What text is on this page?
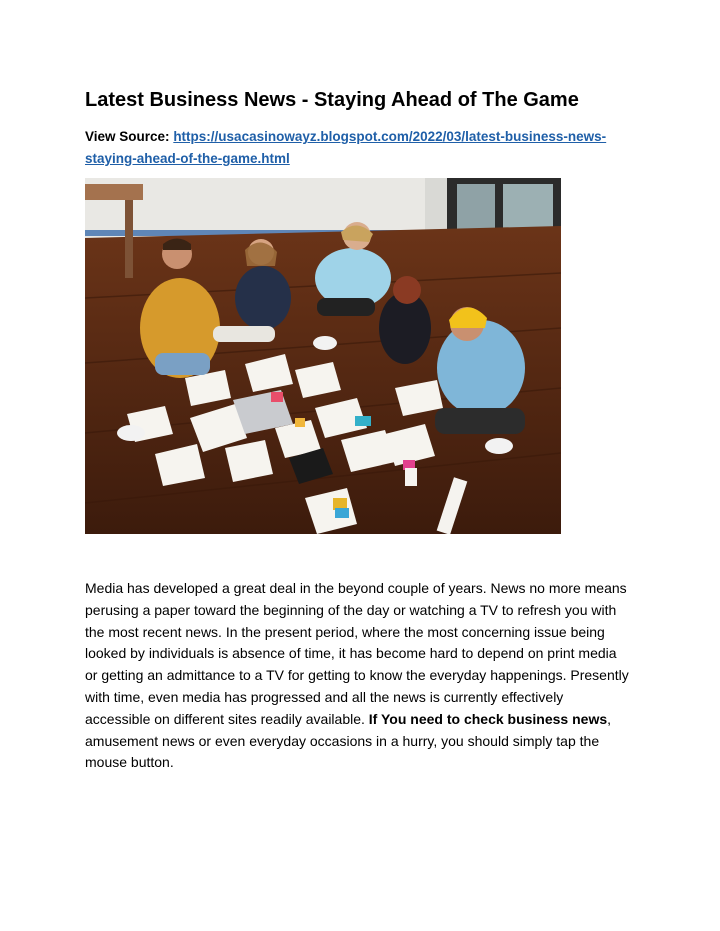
Latest Business News - Staying Ahead of The Game
View Source: https://usacasinowayz.blogspot.com/2022/03/latest-business-news-staying-ahead-of-the-game.html

Media has developed a great deal in the beyond couple of years. News no more means perusing a paper toward the beginning of the day or watching a TV to refresh you with the most recent news. In the present period, where the most concerning issue being looked by individuals is absence of time, it has become hard to depend on print media or getting an admittance to a TV for getting to know the everyday happenings. Presently with time, even media has progressed and all the news is currently effectively accessible on different sites readily available. If You need to check business news, amusement news or even everyday occasions in a hurry, you should simply tap the mouse button.
